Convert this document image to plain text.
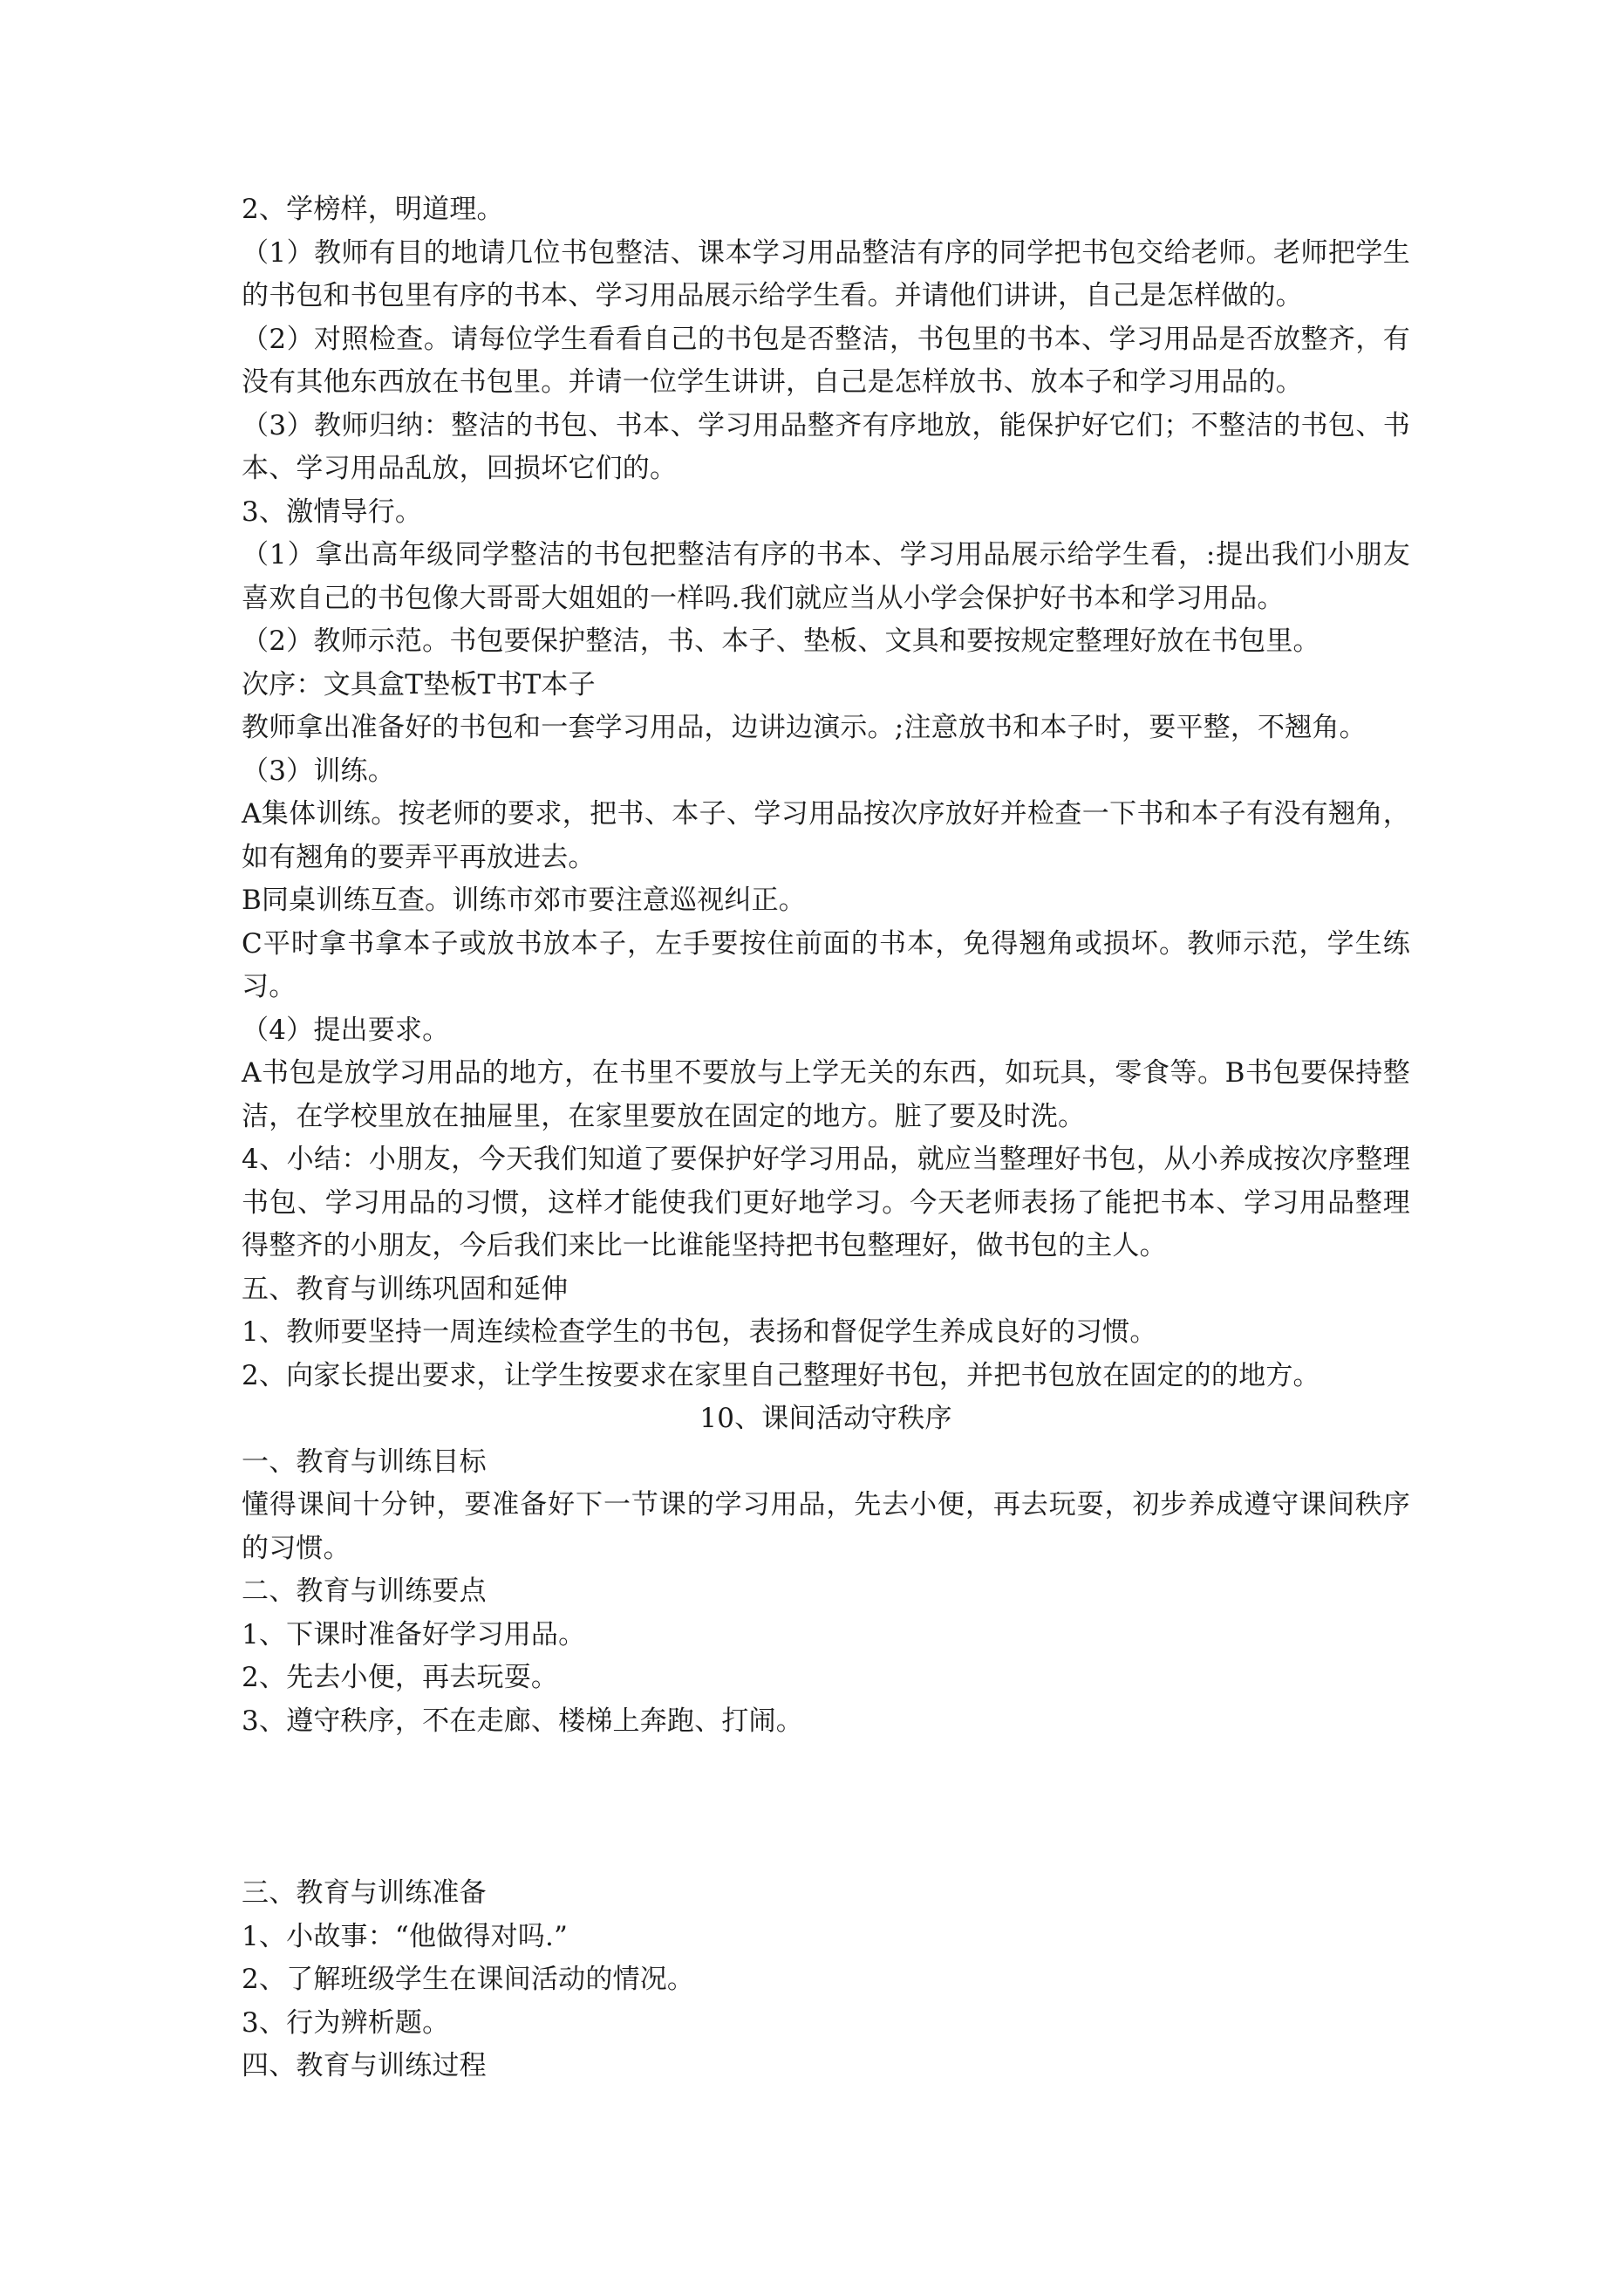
2、学榜样，明道理。
（1）教师有目的地请几位书包整洁、课本学习用品整洁有序的同学把书包交给老师。老师把学生的书包和书包里有序的书本、学习用品展示给学生看。并请他们讲讲，自己是怎样做的。
（2）对照检查。请每位学生看看自己的书包是否整洁，书包里的书本、学习用品是否放整齐，有没有其他东西放在书包里。并请一位学生讲讲，自己是怎样放书、放本子和学习用品的。
（3）教师归纳：整洁的书包、书本、学习用品整齐有序地放，能保护好它们；不整洁的书包、书本、学习用品乱放，回损坏它们的。
3、激情导行。
（1）拿出高年级同学整洁的书包把整洁有序的书本、学习用品展示给学生看，:提出我们小朋友喜欢自己的书包像大哥哥大姐姐的一样吗.我们就应当从小学会保护好书本和学习用品。
（2）教师示范。书包要保护整洁，书、本子、垫板、文具和要按规定整理好放在书包里。
次序：文具盒T垫板T书T本子
教师拿出准备好的书包和一套学习用品，边讲边演示。;注意放书和本子时，要平整，不翘角。
（3）训练。
A集体训练。按老师的要求，把书、本子、学习用品按次序放好并检查一下书和本子有没有翘角，如有翘角的要弄平再放进去。
B同桌训练互查。训练市郊市要注意巡视纠正。
C平时拿书拿本子或放书放本子，左手要按住前面的书本，免得翘角或损坏。教师示范，学生练习。
（4）提出要求。
A书包是放学习用品的地方，在书里不要放与上学无关的东西，如玩具，零食等。B书包要保持整洁，在学校里放在抽屉里，在家里要放在固定的地方。脏了要及时洗。
4、小结：小朋友，今天我们知道了要保护好学习用品，就应当整理好书包，从小养成按次序整理书包、学习用品的习惯，这样才能使我们更好地学习。今天老师表扬了能把书本、学习用品整理得整齐的小朋友，今后我们来比一比谁能坚持把书包整理好，做书包的主人。
五、教育与训练巩固和延伸
1、教师要坚持一周连续检查学生的书包，表扬和督促学生养成良好的习惯。
2、向家长提出要求，让学生按要求在家里自己整理好书包，并把书包放在固定的的地方。
10、课间活动守秩序
一、教育与训练目标
懂得课间十分钟，要准备好下一节课的学习用品，先去小便，再去玩耍，初步养成遵守课间秩序的习惯。
二、教育与训练要点
1、下课时准备好学习用品。
2、先去小便，再去玩耍。
3、遵守秩序，不在走廊、楼梯上奔跑、打闹。
三、教育与训练准备
1、小故事：“他做得对吗.”
2、了解班级学生在课间活动的情况。
3、行为辨析题。
四、教育与训练过程
